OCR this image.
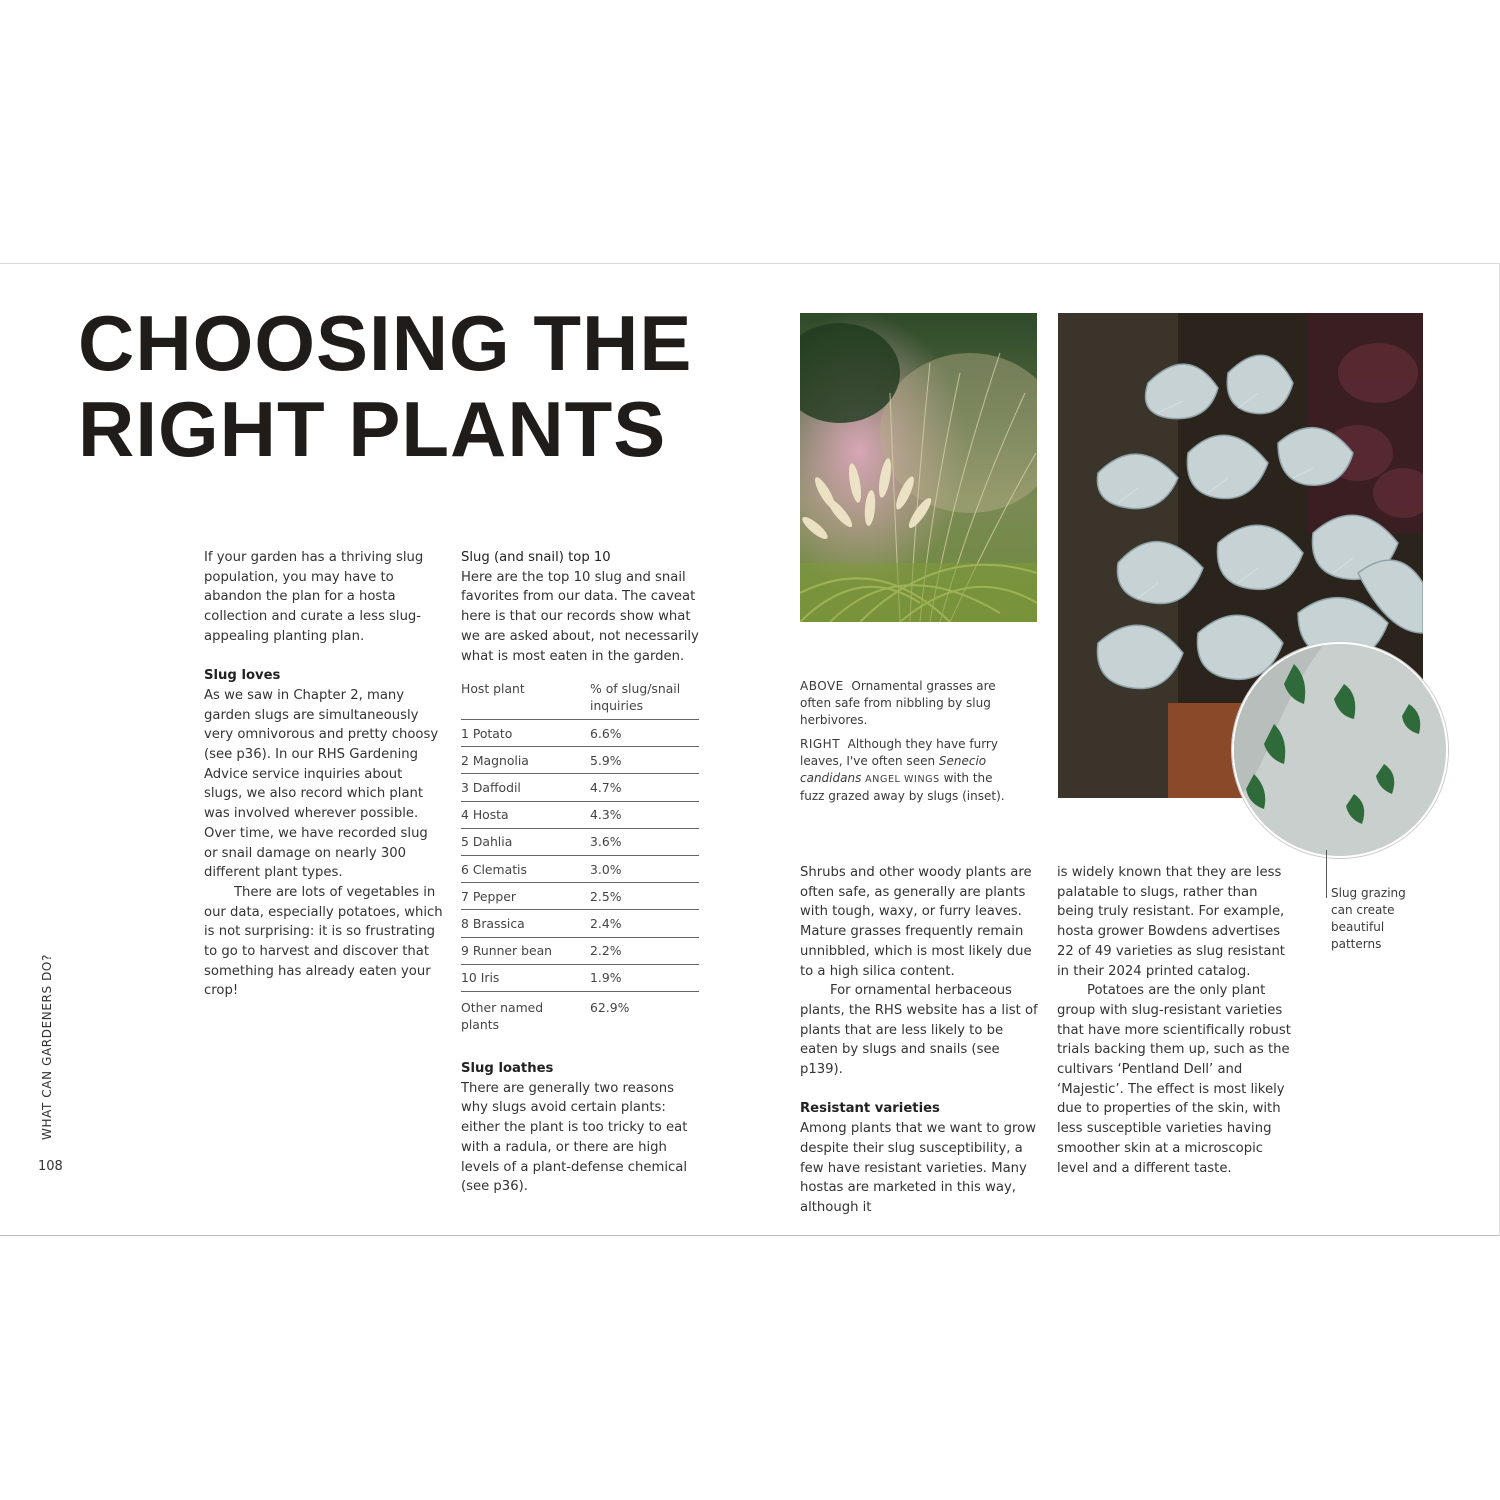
CHOOSING THE
RIGHT PLANTS

If your garden has a thriving slug population, you may have to abandon the plan for a hosta collection and curate a less slug-appealing planting plan.

Slug loves

As we saw in Chapter 2, many garden slugs are simultaneously very omnivorous and pretty choosy (see p36). In our RHS Gardening Advice service inquiries about slugs, we also record which plant was involved wherever possible. Over time, we have recorded slug or snail damage on nearly 300 different plant types.

There are lots of vegetables in our data, especially potatoes, which is not surprising: it is so frustrating to go to harvest and discover that something has already eaten your crop!

Slug (and snail) top 10

Here are the top 10 slug and snail favorites from our data. The caveat here is that our records show what we are asked about, not necessarily what is most eaten in the garden.

Host plant	% of slug/snail inquiries
1 Potato	6.6%
2 Magnolia	5.9%
3 Daffodil	4.7%
4 Hosta	4.3%
5 Dahlia	3.6%
6 Clematis	3.0%
7 Pepper	2.5%
8 Brassica	2.4%
9 Runner bean	2.2%
10 Iris	1.9%
Other named plants	62.9%

Slug loathes

There are generally two reasons why slugs avoid certain plants: either the plant is too tricky to eat with a radula, or there are high levels of a plant-defense chemical (see p36).

ABOVE Ornamental grasses are often safe from nibbling by slug herbivores.

RIGHT Although they have furry leaves, I've often seen Senecio candidans ANGEL WINGS with the fuzz grazed away by slugs (inset).

Slug grazing can create beautiful patterns

Shrubs and other woody plants are often safe, as generally are plants with tough, waxy, or furry leaves. Mature grasses frequently remain unnibbled, which is most likely due to a high silica content.

For ornamental herbaceous plants, the RHS website has a list of plants that are less likely to be eaten by slugs and snails (see p139).

Resistant varieties

Among plants that we want to grow despite their slug susceptibility, a few have resistant varieties. Many hostas are marketed in this way, although it

is widely known that they are less palatable to slugs, rather than being truly resistant. For example, hosta grower Bowdens advertises 22 of 49 varieties as slug resistant in their 2024 printed catalog.

Potatoes are the only plant group with slug-resistant varieties that have more scientifically robust trials backing them up, such as the cultivars ‘Pentland Dell’ and ‘Majestic’. The effect is most likely due to properties of the skin, with less susceptible varieties having smoother skin at a microscopic level and a different taste.

WHAT CAN GARDENERS DO?
108
